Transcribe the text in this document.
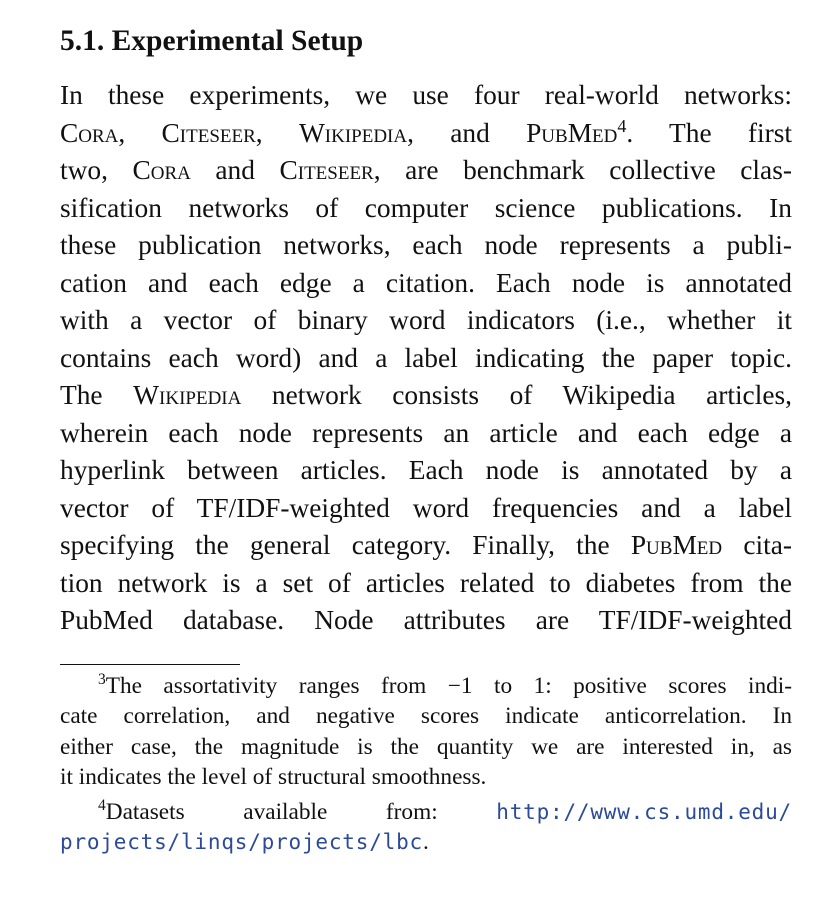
5.1. Experimental Setup
In these experiments, we use four real-world networks:
Cora, Citeseer, Wikipedia, and PubMed$^4$. The first
two, Cora and Citeseer, are benchmark collective clas-
sification networks of computer science publications. In
these publication networks, each node represents a publi-
cation and each edge a citation. Each node is annotated
with a vector of binary word indicators (i.e., whether it
contains each word) and a label indicating the paper topic.
The Wikipedia network consists of Wikipedia articles,
wherein each node represents an article and each edge a
hyperlink between articles. Each node is annotated by a
vector of TF/IDF-weighted word frequencies and a label
specifying the general category. Finally, the PubMed cita-
tion network is a set of articles related to diabetes from the
PubMed database. Node attributes are TF/IDF-weighted
$^3$The assortativity ranges from −1 to 1: positive scores indi-
cate correlation, and negative scores indicate anticorrelation. In
either case, the magnitude is the quantity we are interested in, as
it indicates the level of structural smoothness.
$^4$Datasets available from: http://www.cs.umd.edu/
projects/linqs/projects/lbc.
